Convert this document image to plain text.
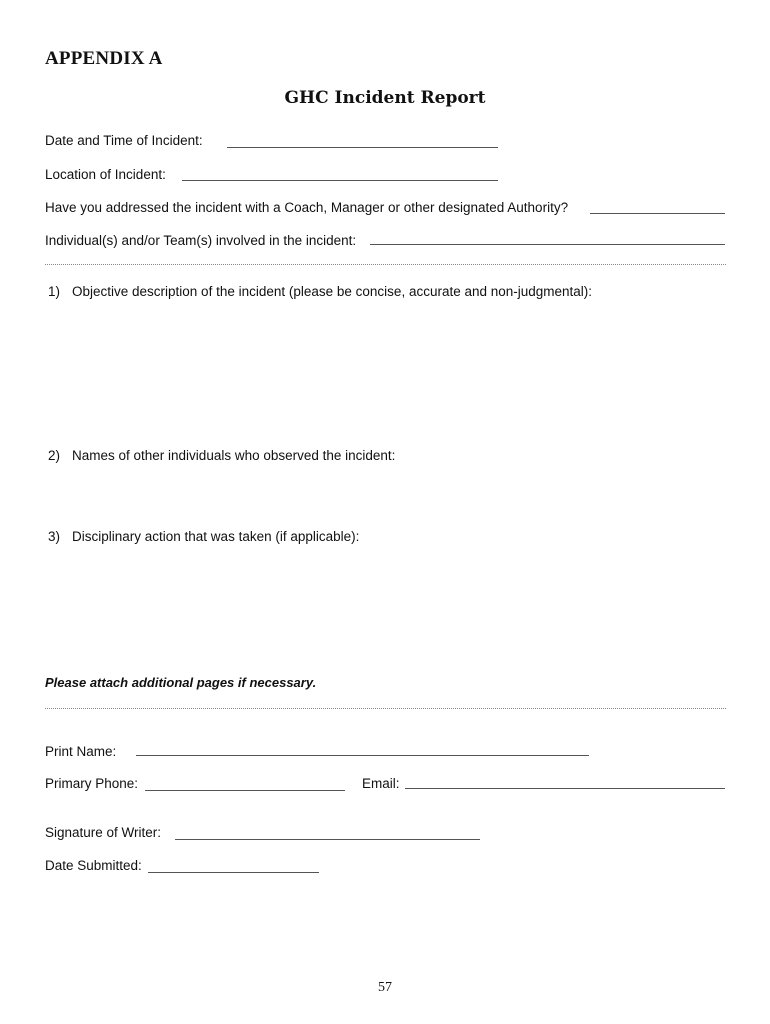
APPENDIX A
GHC Incident Report
Date and Time of Incident:
Location of Incident:
Have you addressed the incident with a Coach, Manager or other designated Authority?
Individual(s) and/or Team(s) involved in the incident:
1) Objective description of the incident (please be concise, accurate and non-judgmental):
2) Names of other individuals who observed the incident:
3) Disciplinary action that was taken (if applicable):
Please attach additional pages if necessary.
Print Name:
Primary Phone:	Email:
Signature of Writer:
Date Submitted:
57
